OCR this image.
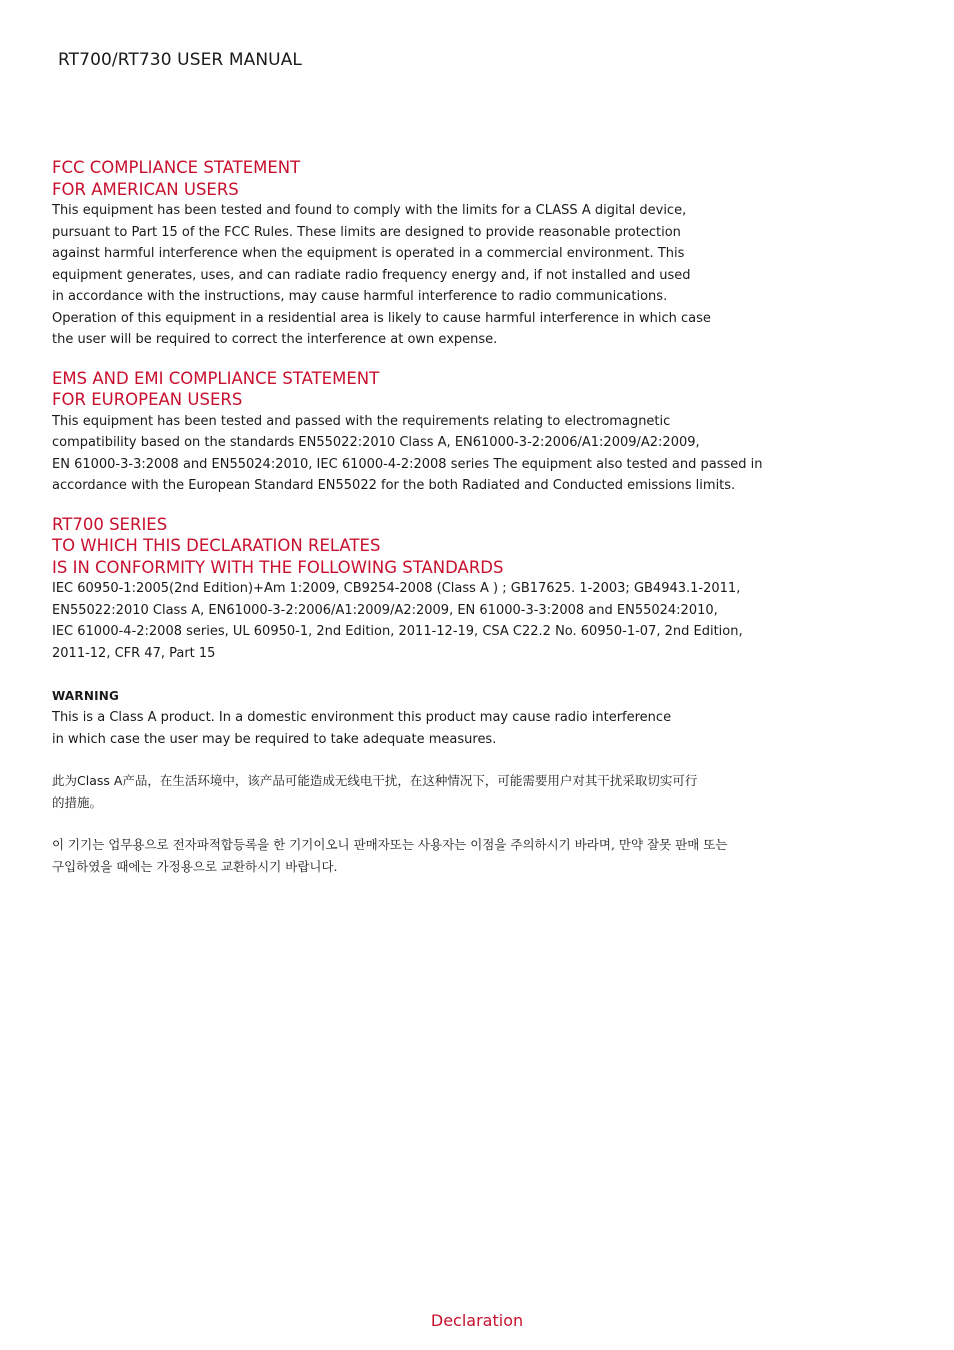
RT700/RT730 USER MANUAL
FCC COMPLIANCE STATEMENT
FOR AMERICAN USERS

This equipment has been tested and found to comply with the limits for a CLASS A digital device,
pursuant to Part 15 of the FCC Rules. These limits are designed to provide reasonable protection
against harmful interference when the equipment is operated in a commercial environment. This
equipment generates, uses, and can radiate radio frequency energy and, if not installed and used
in accordance with the instructions, may cause harmful interference to radio communications.
Operation of this equipment in a residential area is likely to cause harmful interference in which case
the user will be required to correct the interference at own expense.

EMS AND EMI COMPLIANCE STATEMENT
FOR EUROPEAN USERS

This equipment has been tested and passed with the requirements relating to electromagnetic
compatibility based on the standards EN55022:2010 Class A, EN61000-3-2:2006/A1:2009/A2:2009,
EN 61000-3-3:2008 and EN55024:2010, IEC 61000-4-2:2008 series The equipment also tested and passed in
accordance with the European Standard EN55022 for the both Radiated and Conducted emissions limits.

RT700 SERIES
TO WHICH THIS DECLARATION RELATES
IS IN CONFORMITY WITH THE FOLLOWING STANDARDS

IEC 60950-1:2005(2nd Edition)+Am 1:2009, CB9254-2008 (Class A ) ; GB17625. 1-2003; GB4943.1-2011,
EN55022:2010 Class A, EN61000-3-2:2006/A1:2009/A2:2009, EN 61000-3-3:2008 and EN55024:2010,
IEC 61000-4-2:2008 series, UL 60950-1, 2nd Edition, 2011-12-19, CSA C22.2 No. 60950-1-07, 2nd Edition,
2011-12, CFR 47, Part 15

WARNING

This is a Class A product. In a domestic environment this product may cause radio interference
in which case the user may be required to take adequate measures.

此为Class A产品，在生活环境中，该产品可能造成无线电干扰，在这种情况下，可能需要用户对其干扰采取切实可行
的措施。
이 기기는 업무용으로 전자파적합등록을 한 기기이오니 판매자또는 사용자는 이점을 주의하시기 바라며, 만약 잘못 판매 또는
구입하였을 때에는 가정용으로 교환하시기 바랍니다.
Declaration
